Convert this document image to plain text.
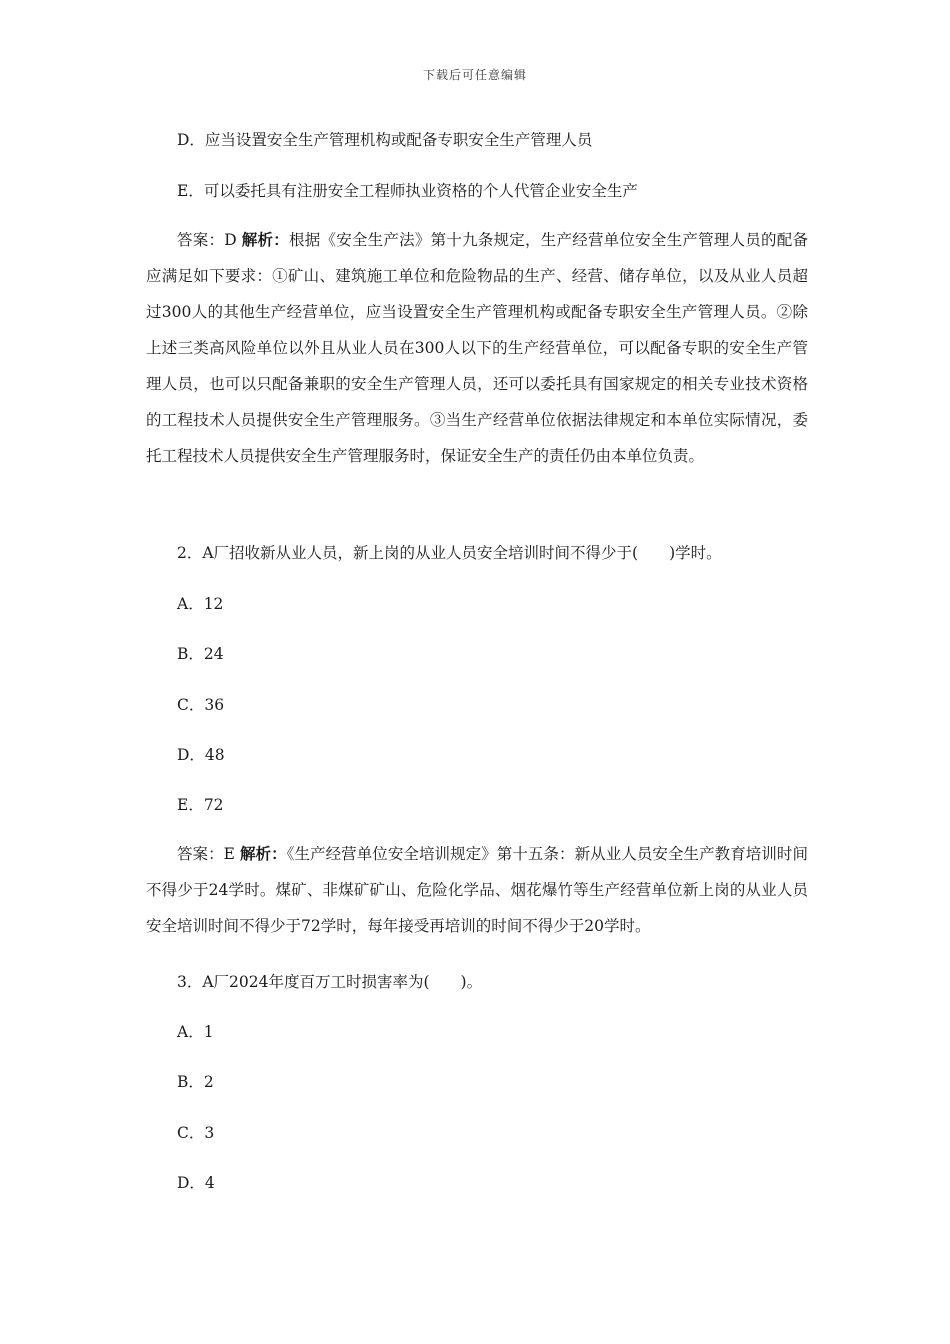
下载后可任意编辑
D．应当设置安全生产管理机构或配备专职安全生产管理人员
E．可以委托具有注册安全工程师执业资格的个人代管企业安全生产
答案：D 解析：根据《安全生产法》第十九条规定，生产经营单位安全生产管理人员的配备应满足如下要求：①矿山、建筑施工单位和危险物品的生产、经营、储存单位，以及从业人员超过300人的其他生产经营单位，应当设置安全生产管理机构或配备专职安全生产管理人员。②除上述三类高风险单位以外且从业人员在300人以下的生产经营单位，可以配备专职的安全生产管理人员，也可以只配备兼职的安全生产管理人员，还可以委托具有国家规定的相关专业技术资格的工程技术人员提供安全生产管理服务。③当生产经营单位依据法律规定和本单位实际情况，委托工程技术人员提供安全生产管理服务时，保证安全生产的责任仍由本单位负责。
2．A厂招收新从业人员，新上岗的从业人员安全培训时间不得少于(　　)学时。
A．12
B．24
C．36
D．48
E．72
答案：E 解析：《生产经营单位安全培训规定》第十五条：新从业人员安全生产教育培训时间不得少于24学时。煤矿、非煤矿矿山、危险化学品、烟花爆竹等生产经营单位新上岗的从业人员安全培训时间不得少于72学时，每年接受再培训的时间不得少于20学时。
3．A厂2024年度百万工时损害率为(　　)。
A．1
B．2
C．3
D．4
